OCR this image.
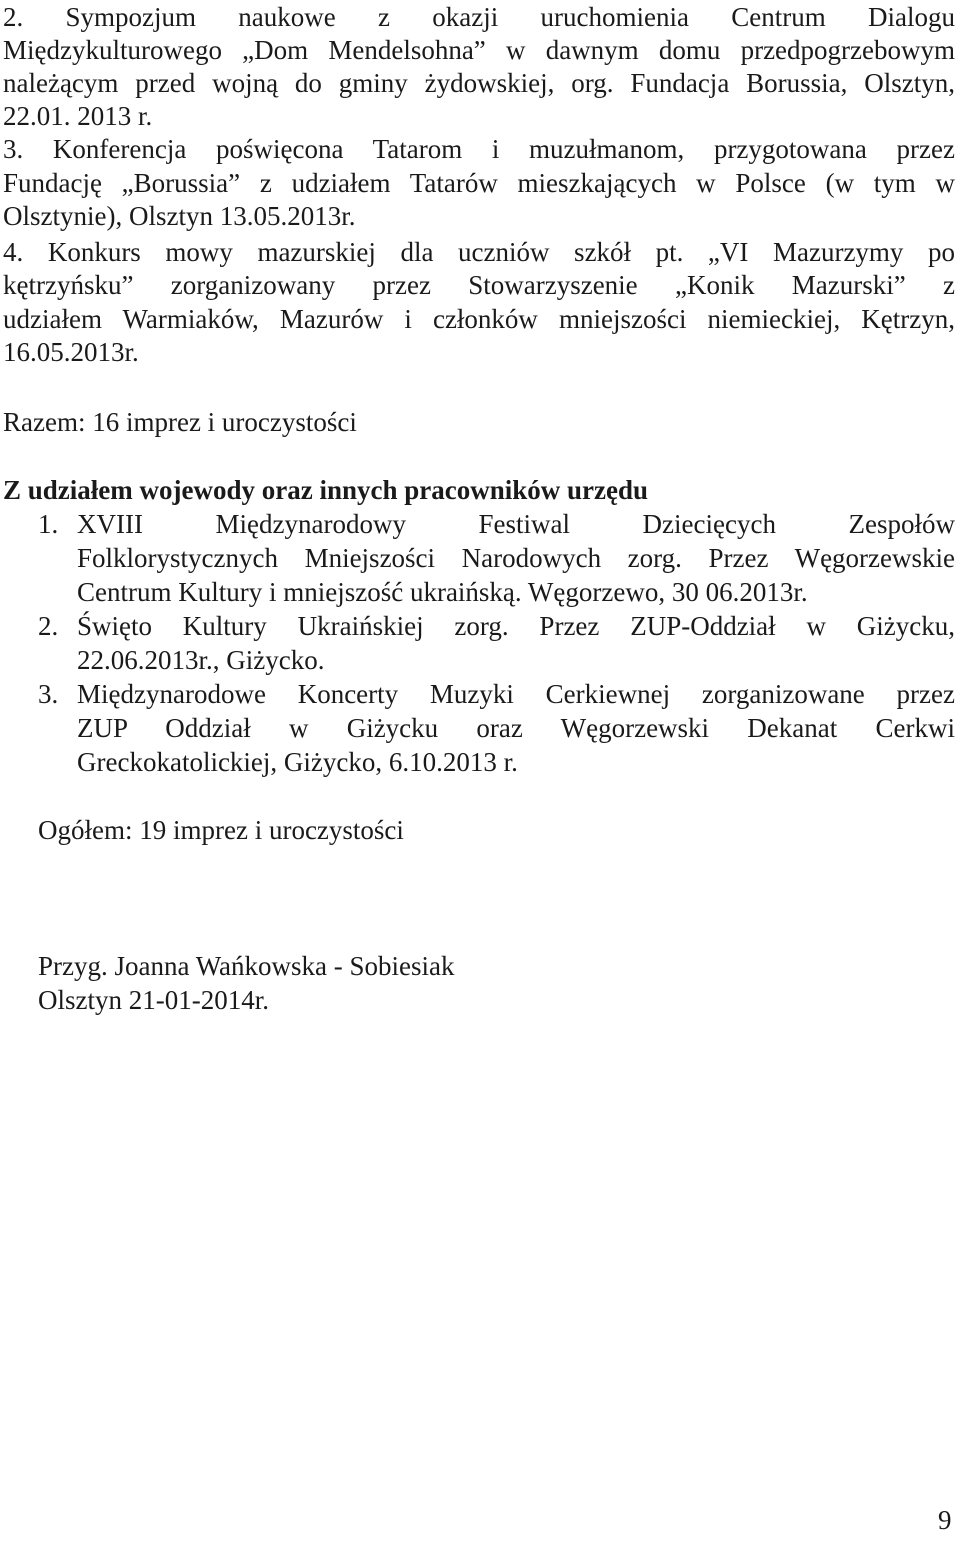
2. Sympozjum naukowe z okazji uruchomienia Centrum Dialogu
Międzykulturowego „Dom Mendelsohna” w dawnym domu przedpogrzebowym
należącym przed wojną do gminy żydowskiej, org. Fundacja Borussia, Olsztyn,
22.01. 2013 r.
3. Konferencja poświęcona Tatarom i muzułmanom, przygotowana przez
Fundację „Borussia” z udziałem Tatarów mieszkających w Polsce (w tym w
Olsztynie), Olsztyn 13.05.2013r.
4. Konkurs mowy mazurskiej dla uczniów szkół pt. „VI Mazurzymy po
kętrzyńsku” zorganizowany przez Stowarzyszenie „Konik Mazurski” z
udziałem Warmiaków, Mazurów i członków mniejszości niemieckiej, Kętrzyn,
16.05.2013r.
Razem: 16 imprez i uroczystości
Z udziałem wojewody oraz innych pracowników urzędu
1. XVIII Międzynarodowy Festiwal Dziecięcych Zespołów
Folklorystycznych Mniejszości Narodowych zorg. Przez Węgorzewskie
Centrum Kultury i mniejszość ukraińską. Węgorzewo, 30 06.2013r.
2. Święto Kultury Ukraińskiej zorg. Przez ZUP-Oddział w Giżycku,
22.06.2013r., Giżycko.
3. Międzynarodowe Koncerty Muzyki Cerkiewnej zorganizowane przez
ZUP Oddział w Giżycku oraz Węgorzewski Dekanat Cerkwi
Greckokatolickiej, Giżycko, 6.10.2013 r.
Ogółem: 19 imprez i uroczystości
Przyg. Joanna Wańkowska - Sobiesiak
Olsztyn 21-01-2014r.
9
